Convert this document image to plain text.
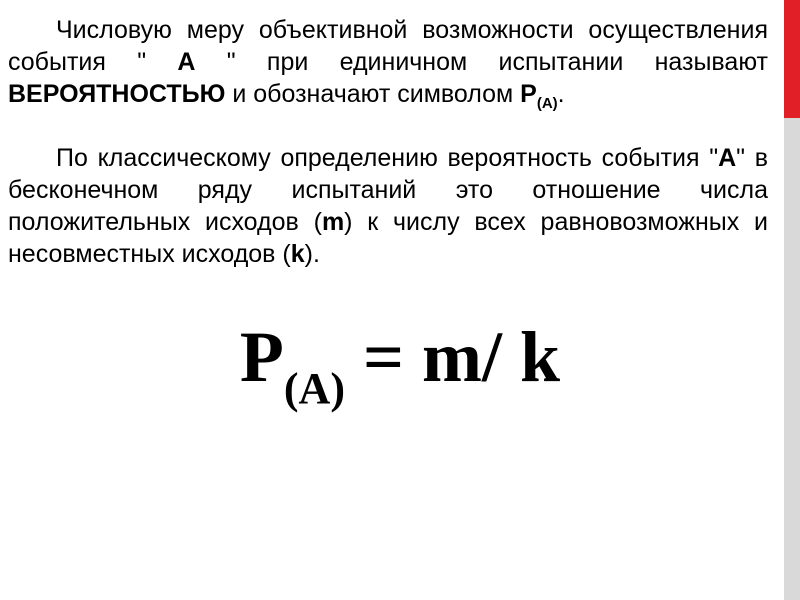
Числовую меру объективной возможности осуществления события " А " при единичном испытании называют ВЕРОЯТНОСТЬЮ и обозначают символом $Р_{(А)}$.

По классическому определению вероятность события "А" в бесконечном ряду испытаний это отношение числа положительных исходов (m) к числу всех равновозможных и несовместных исходов (k).

$Р_{(А)} = m/$ k
